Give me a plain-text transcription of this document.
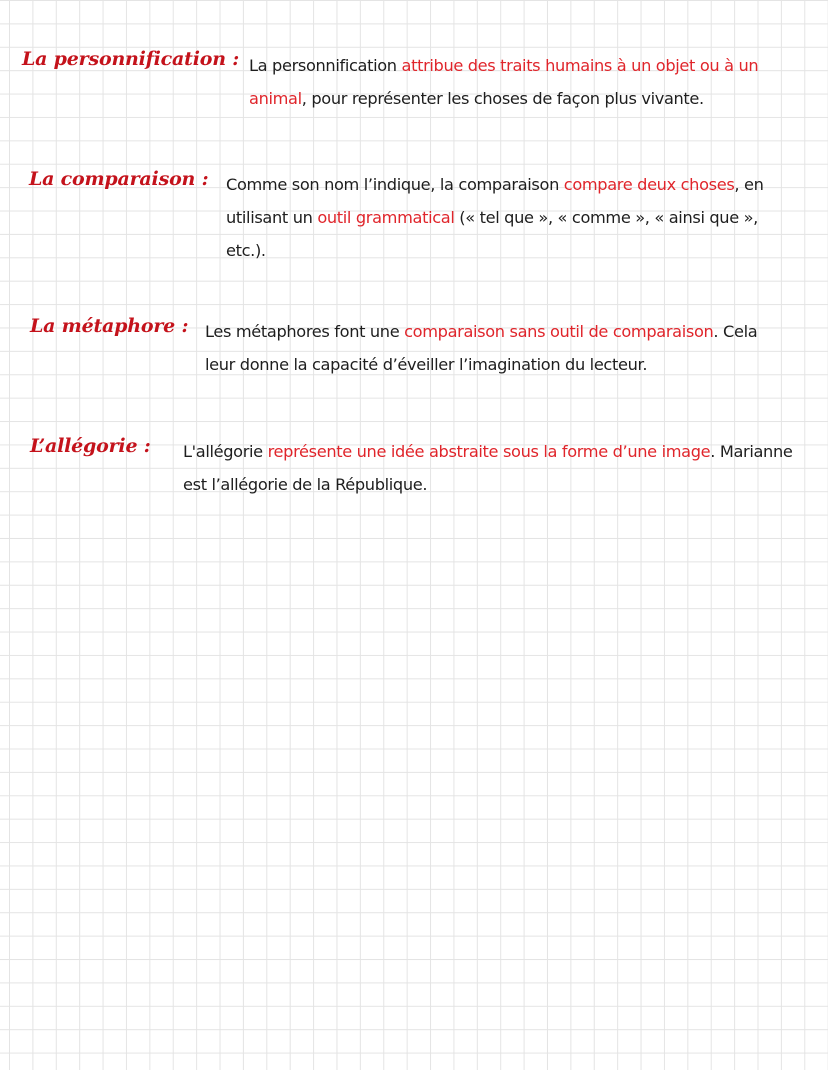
La personnification : La personnification attribue des traits humains à un objet ou à un
animal, pour représenter les choses de façon plus vivante.

La comparaison : Comme son nom l’indique, la comparaison compare deux choses, en
utilisant un outil grammatical (« tel que », « comme », « ainsi que »,
etc.).

La métaphore : Les métaphores font une comparaison sans outil de comparaison. Cela
leur donne la capacité d’éveiller l’imagination du lecteur.

L’allégorie : L'allégorie représente une idée abstraite sous la forme d’une image. Marianne
est l’allégorie de la République.
